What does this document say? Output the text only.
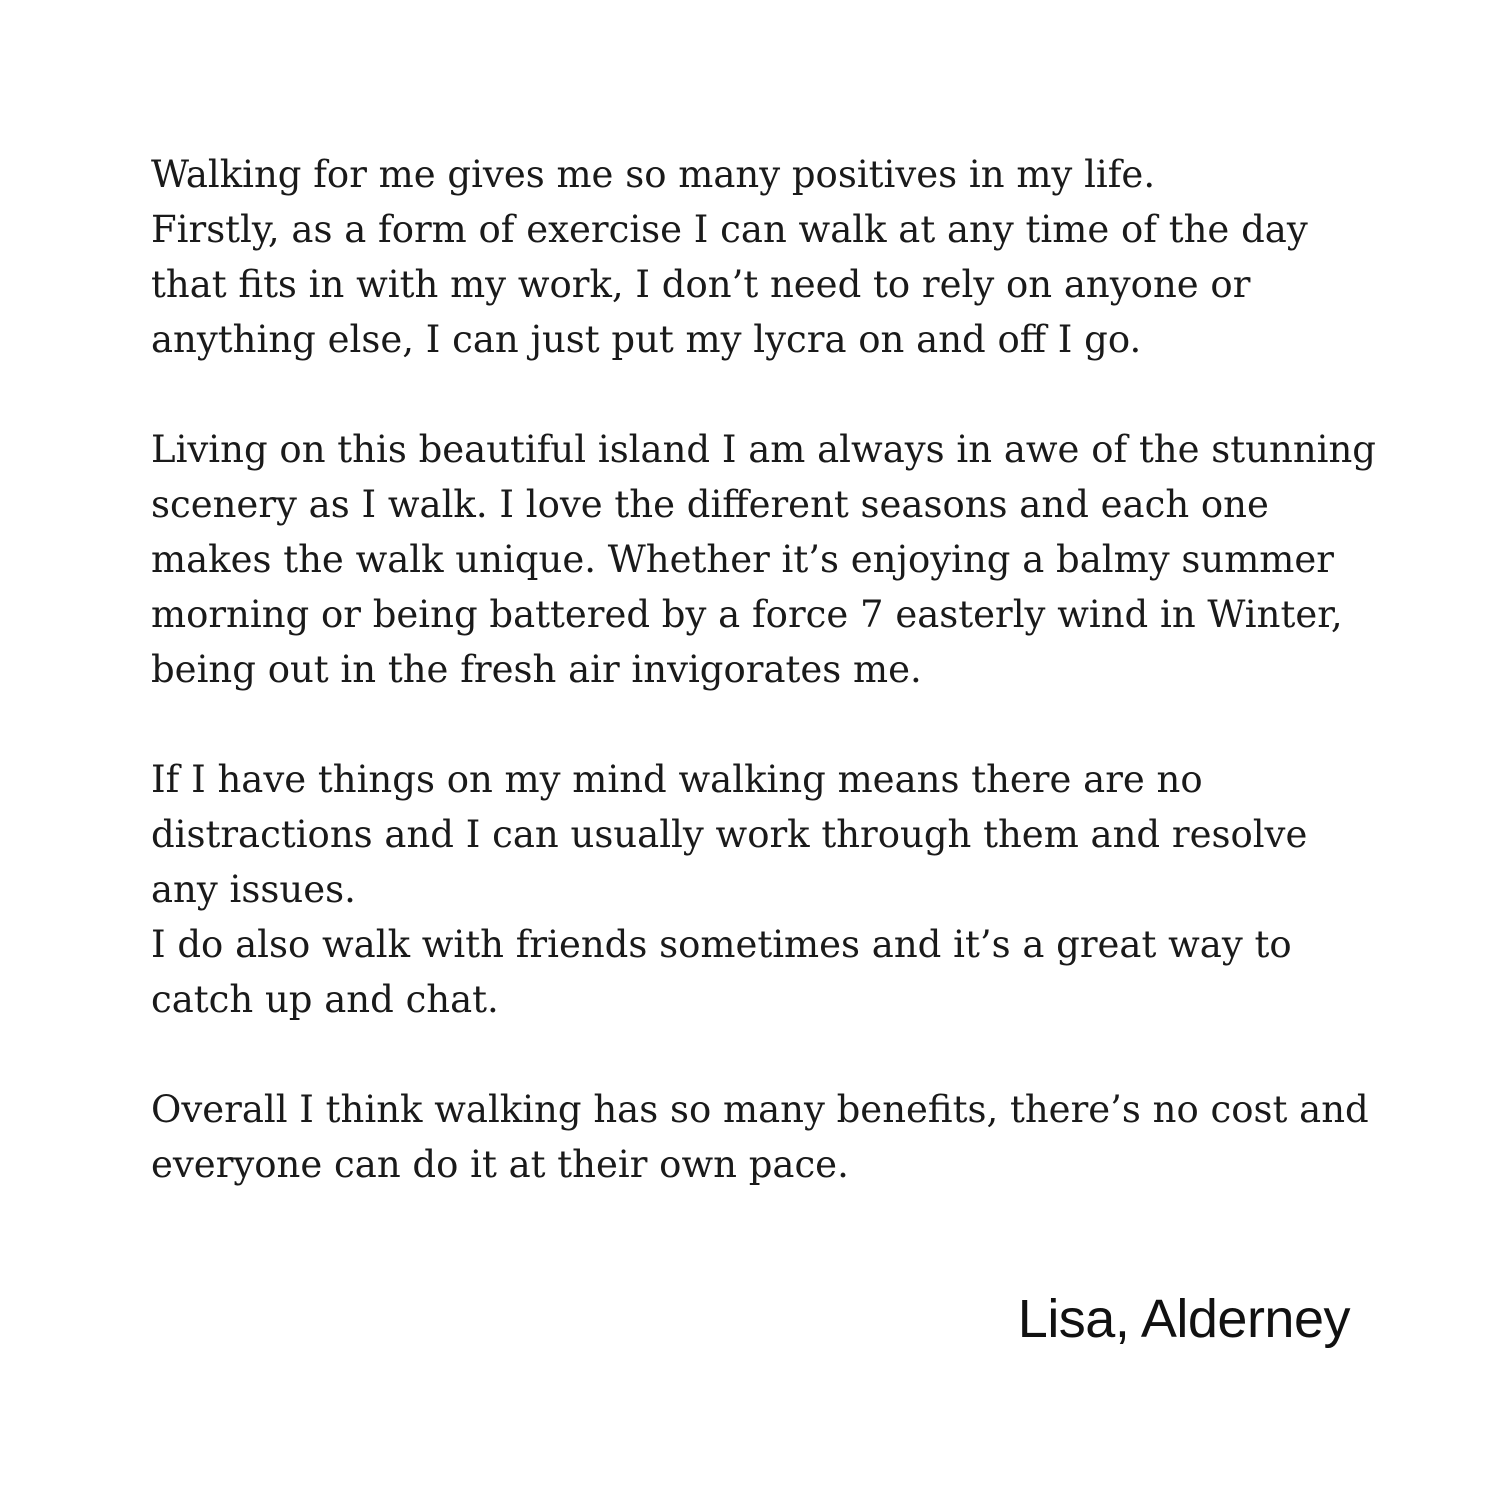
Walking for me gives me so many positives in my life.
Firstly, as a form of exercise I can walk at any time of the day
that fits in with my work, I don’t need to rely on anyone or
anything else, I can just put my lycra on and off I go.

Living on this beautiful island I am always in awe of the stunning
scenery as I walk. I love the different seasons and each one
makes the walk unique. Whether it’s enjoying a balmy summer
morning or being battered by a force 7 easterly wind in Winter,
being out in the fresh air invigorates me.

If I have things on my mind walking means there are no
distractions and I can usually work through them and resolve
any issues.
I do also walk with friends sometimes and it’s a great way to
catch up and chat.

Overall I think walking has so many benefits, there’s no cost and
everyone can do it at their own pace.

Lisa, Alderney
